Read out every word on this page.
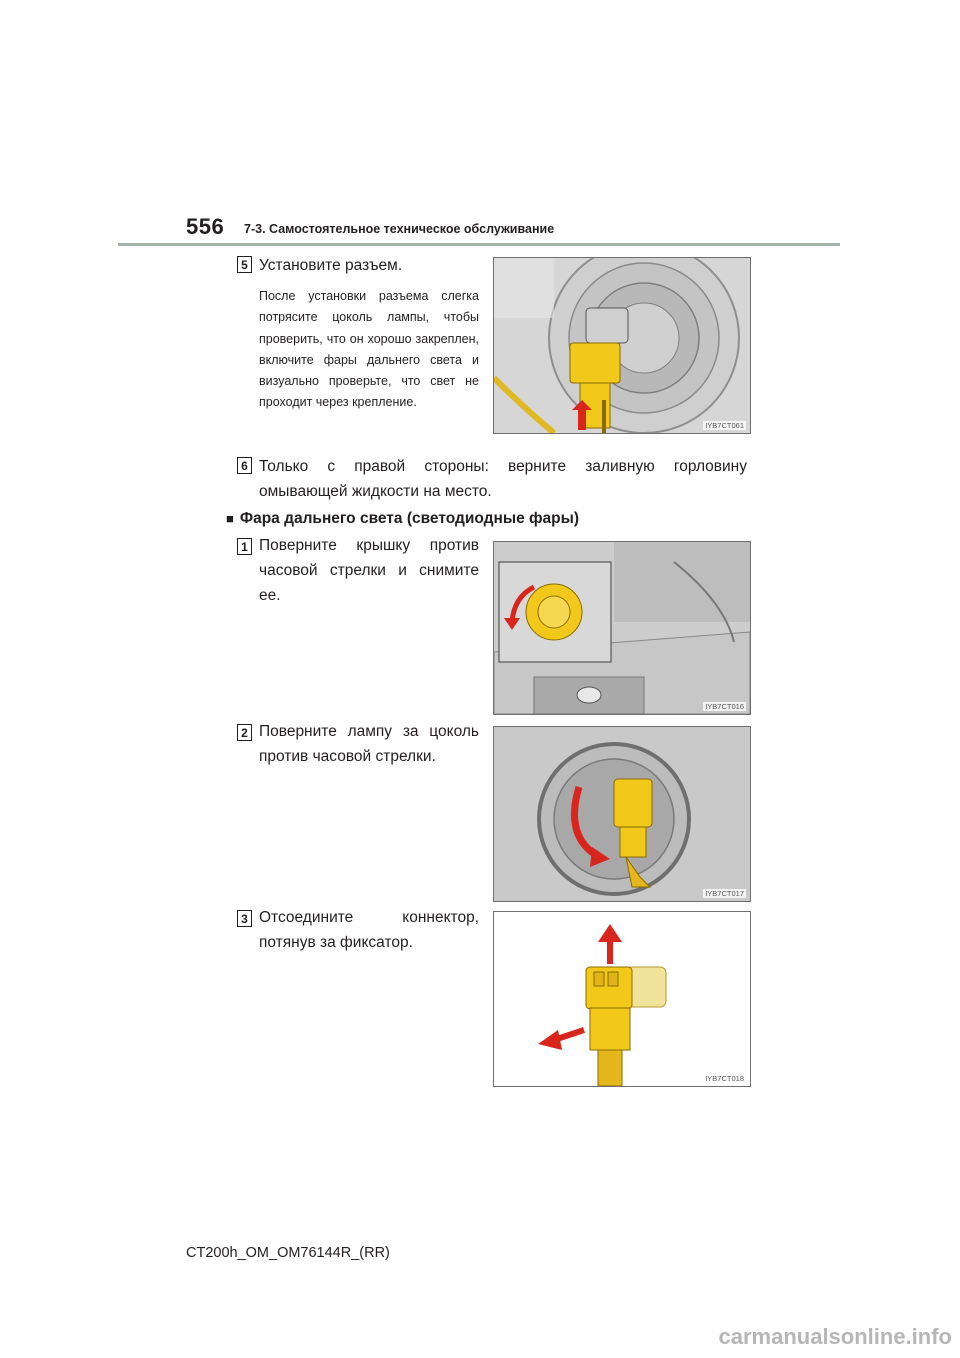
556 7-3. Самостоятельное техническое обслуживание
5 Установите разъем.
После установки разъема слегка потрясите цоколь лампы, чтобы проверить, что он хорошо закреплен, включите фары дальнего света и визуально проверьте, что свет не проходит через крепление.
IYB7CT061
6 Только с правой стороны: верните заливную горловину омывающей жидкости на место.
■ Фара дальнего света (светодиодные фары)
1 Поверните крышку против часовой стрелки и снимите ее.
IYB7CT016
2 Поверните лампу за цоколь против часовой стрелки.
IYB7CT017
3 Отсоедините коннектор, потянув за фиксатор.
IYB7CT018
CT200h_OM_OM76144R_(RR)
carmanualsonline.info
